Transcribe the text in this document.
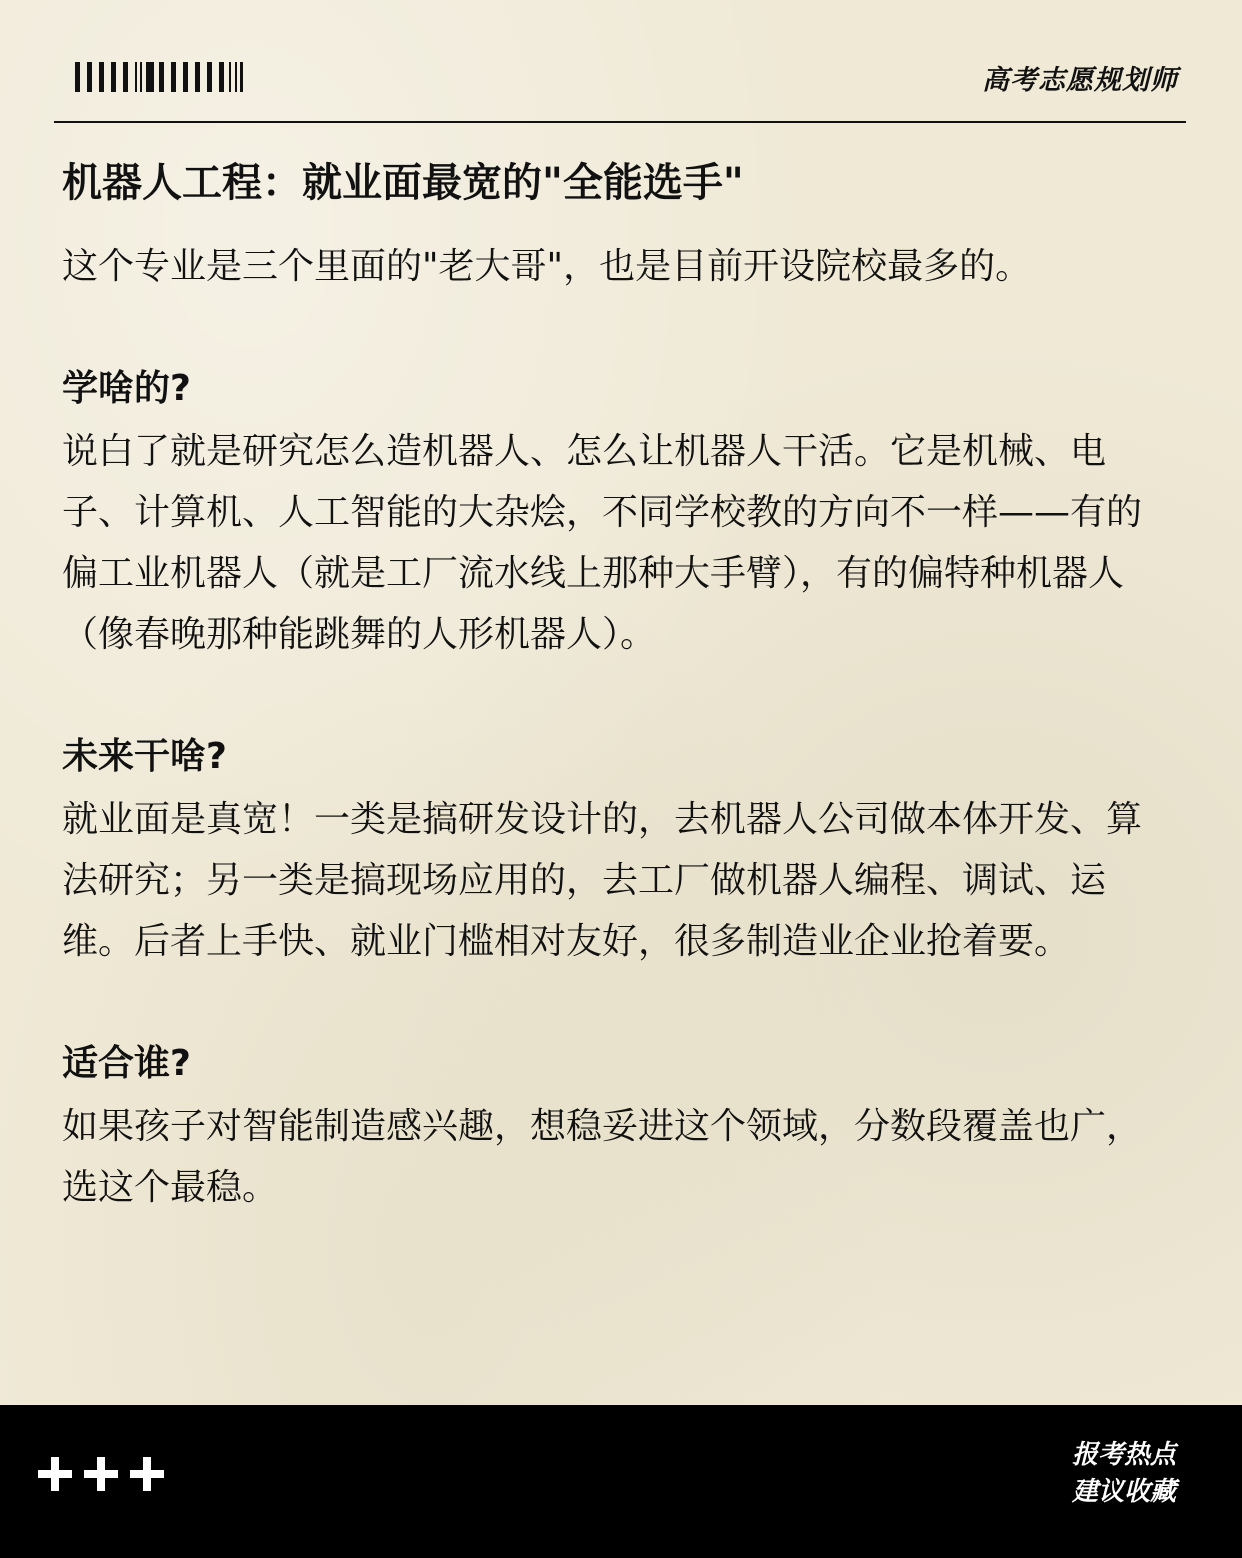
高考志愿规划师
机器人工程：就业面最宽的"全能选手"

这个专业是三个里面的"老大哥"，也是目前开设院校最多的。

学啥的?

说白了就是研究怎么造机器人、怎么让机器人干活。它是机械、电子、计算机、人工智能的大杂烩，不同学校教的方向不一样——有的偏工业机器人（就是工厂流水线上那种大手臂），有的偏特种机器人（像春晚那种能跳舞的人形机器人）。

未来干啥?

就业面是真宽！一类是搞研发设计的，去机器人公司做本体开发、算法研究；另一类是搞现场应用的，去工厂做机器人编程、调试、运维。后者上手快、就业门槛相对友好，很多制造业企业抢着要。

适合谁?

如果孩子对智能制造感兴趣，想稳妥进这个领域，分数段覆盖也广，选这个最稳。

报考热点
建议收藏
